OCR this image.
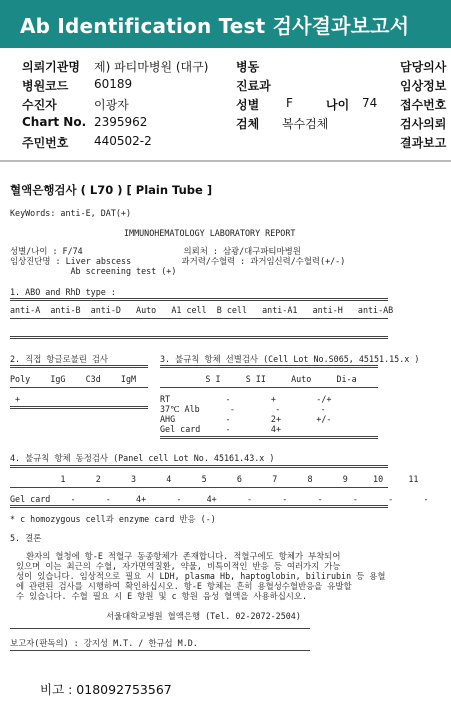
Ab Identification Test 검사결과보고서
의뢰기관명 제) 파티마병원 (대구) 병동	담당의사
병원코드 60189	진료과	임상정보
수진자	이광자	성별 F	나이 74 접수번호
Chart No. 2395962	검체 복수검체	검사의뢰
주민번호 440502-2	결과보고
혈액은행검사 ( L70 ) [ Plain Tube ]
KeyWords: anti-E, DAT(+)
IMMUNOHEMATOLOGY LABORATORY REPORT
성별/나이 : F/74                    의뢰처 : 삼광/대구파티마병원
임상진단명 : Liver abscess          과거력/수혈력 : 과거임신력/수혈력(+/-)
Ab screening test (+)
1. ABO and RhD type :
anti-A  anti-B  anti-D   Auto   A1 cell  B cell   anti-A1   anti-H   anti-AB
2. 직접 항글로불린 검사
Poly    IgG    C3d    IgM
+
3. 불규칙 항체 선별검사 (Cell Lot No.S065, 45151.15.x )
S I     S II     Auto     Di-a
RT           -        +        -/+
37℃ Alb      -        -        -
AHG          -        2+       +/-
Gel card     -        4+
4. 불규칙 항체 동정검사 (Panel cell Lot No. 45161.43.x )
1      2      3      4      5      6      7      8      9     10     11
Gel card    -      -     4+      -     4+      -      -      -      -      -      -
* c homozygous cell과 enzyme card 반응 (-)
5. 결론
환자의 혈청에 항-E 적혈구 동종항체가 존재합니다. 적혈구에도 항체가 부착되어
있으며 이는 최근의 수혈, 자가면역질환, 약물, 비특이적인 반응 등 여러가지 가능
성이 있습니다. 임상적으로 필요 시 LDH, plasma Hb, haptoglobin, bilirubin 등 용혈
에 관련된 검사를 시행하여 확인하십시오. 항-E 항체는 흔히 용혈성수혈반응을 유발할
수 있습니다. 수혈 필요 시 E 항원 및 c 항원 음성 혈액을 사용하십시오.
서울대학교병원 혈액은행 (Tel. 02-2072-2504)
보고자(판독의) : 강지성 M.T. / 한규섭 M.D.
비고 : 018092753567
